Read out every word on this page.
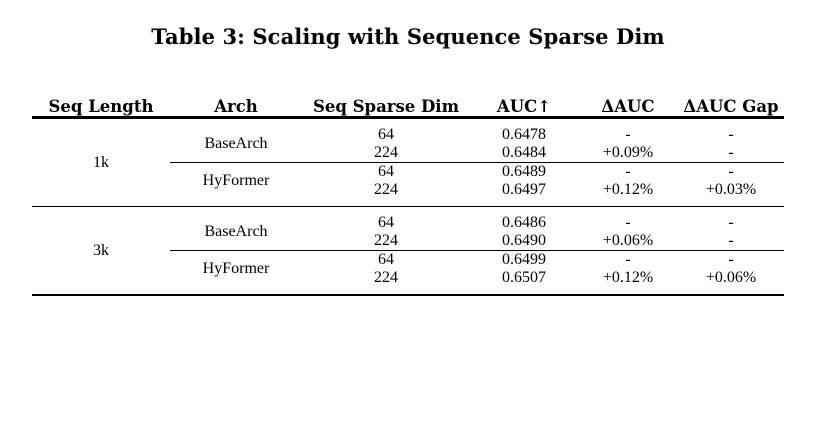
Table 3: Scaling with Sequence Sparse Dim

Seq Length	Arch	Seq Sparse Dim	AUC↑	ΔAUC	ΔAUC Gap

1k	BaseArch	64	0.6478	-	-
		224	0.6484	+0.09%	-
	HyFormer	64	0.6489	-	-
		224	0.6497	+0.12%	+0.03%

3k	BaseArch	64	0.6486	-	-
		224	0.6490	+0.06%	-
	HyFormer	64	0.6499	-	-
		224	0.6507	+0.12%	+0.06%
